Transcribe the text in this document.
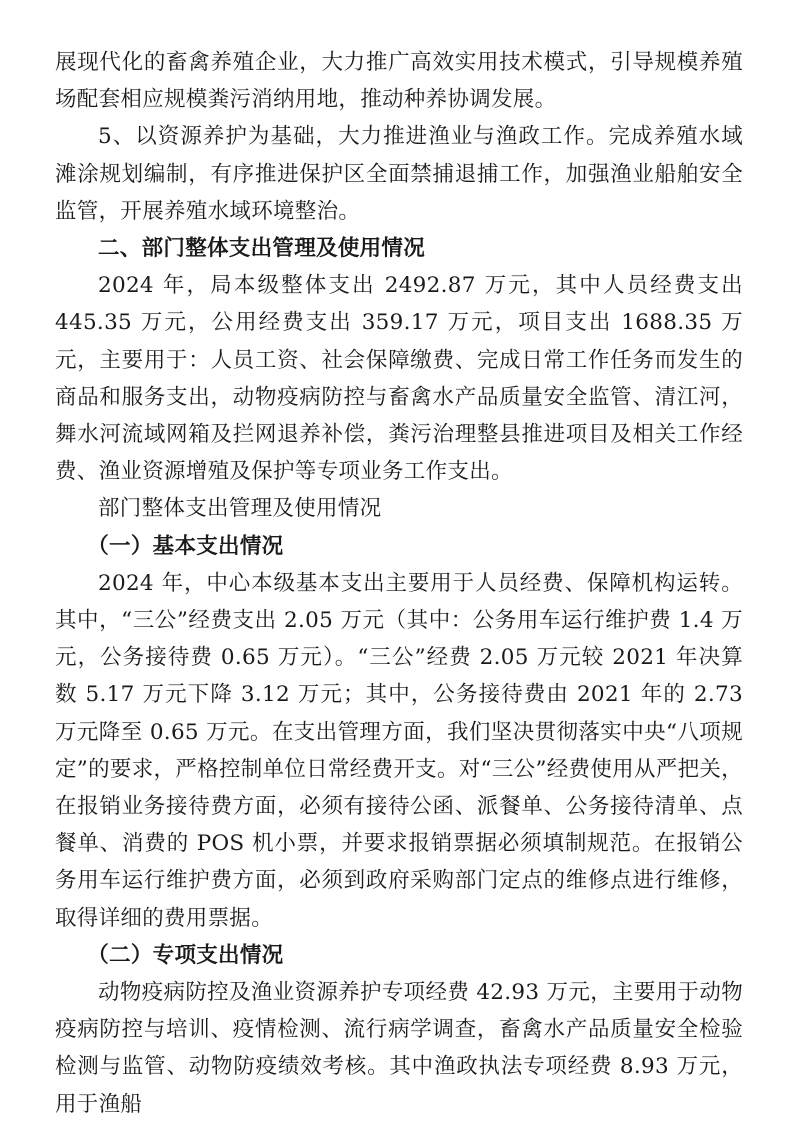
展现代化的畜禽养殖企业，大力推广高效实用技术模式，引导规模养殖场配套相应规模粪污消纳用地，推动种养协调发展。

5、以资源养护为基础，大力推进渔业与渔政工作。完成养殖水域滩涂规划编制，有序推进保护区全面禁捕退捕工作，加强渔业船舶安全监管，开展养殖水域环境整治。

二、部门整体支出管理及使用情况

2024 年，局本级整体支出 2492.87 万元，其中人员经费支出 445.35 万元，公用经费支出 359.17 万元，项目支出 1688.35 万元，主要用于：人员工资、社会保障缴费、完成日常工作任务而发生的商品和服务支出，动物疫病防控与畜禽水产品质量安全监管、清江河，舞水河流域网箱及拦网退养补偿，粪污治理整县推进项目及相关工作经费、渔业资源增殖及保护等专项业务工作支出。

部门整体支出管理及使用情况

（一）基本支出情况

2024 年，中心本级基本支出主要用于人员经费、保障机构运转。其中，“三公”经费支出 2.05 万元（其中：公务用车运行维护费 1.4 万元，公务接待费 0.65 万元）。“三公”经费 2.05 万元较 2021 年决算数 5.17 万元下降 3.12 万元；其中，公务接待费由 2021 年的 2.73 万元降至 0.65 万元。在支出管理方面，我们坚决贯彻落实中央“八项规定”的要求，严格控制单位日常经费开支。对“三公”经费使用从严把关，在报销业务接待费方面，必须有接待公函、派餐单、公务接待清单、点餐单、消费的 POS 机小票，并要求报销票据必须填制规范。在报销公务用车运行维护费方面，必须到政府采购部门定点的维修点进行维修，取得详细的费用票据。

（二）专项支出情况

动物疫病防控及渔业资源养护专项经费 42.93 万元，主要用于动物疫病防控与培训、疫情检测、流行病学调查，畜禽水产品质量安全检验检测与监管、动物防疫绩效考核。其中渔政执法专项经费 8.93 万元，用于渔船
